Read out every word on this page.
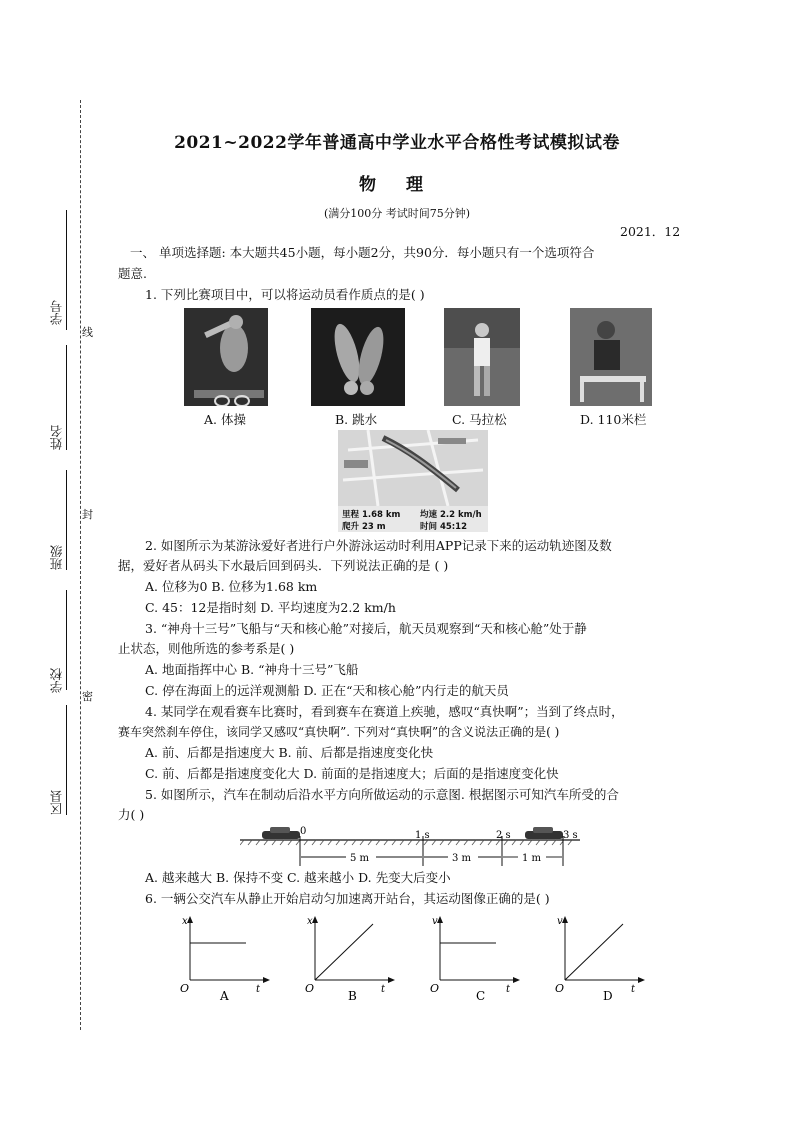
学号
姓名
班级
学校
区县
线
封
密
2021~2022学年普通高中学业水平合格性考试模拟试卷
物 理
(满分100分 考试时间75分钟)
2021．12
一、 单项选择题: 本大题共45小题，每小题2分，共90分．每小题只有一个选项符合
题意.
1. 下列比赛项目中，可以将运动员看作质点的是( )
A. 体操	B. 跳水	C. 马拉松	D. 110米栏
里程 1.68 km 均速 2.2 km/h
爬升 23 m	时间 45:12
2. 如图所示为某游泳爱好者进行户外游泳运动时利用APP记录下来的运动轨迹图及数
据，爱好者从码头下水最后回到码头．下列说法正确的是 ( )
A. 位移为0 B. 位移为1.68 km
C. 45：12是指时刻 D. 平均速度为2.2 km/h
3. “神舟十三号”飞船与“天和核心舱”对接后，航天员观察到“天和核心舱”处于静
止状态，则他所选的参考系是( )
A. 地面指挥中心 B. “神舟十三号”飞船
C. 停在海面上的远洋观测船 D. 正在“天和核心舱”内行走的航天员
4. 某同学在观看赛车比赛时，看到赛车在赛道上疾驰，感叹“真快啊”；当到了终点时，
赛车突然刹车停住，该同学又感叹“真快啊”. 下列对“真快啊”的含义说法正确的是( )
A. 前、后都是指速度大 B. 前、后都是指速度变化快
C. 前、后都是指速度变化大 D. 前面的是指速度大；后面的是指速度变化快
5. 如图所示，汽车在制动后沿水平方向所做运动的示意图. 根据图示可知汽车所受的合
力( )
0	1 s	2 s	3 s
5 m	3 m	1 m
A. 越来越大 B. 保持不变 C. 越来越小 D. 先变大后变小
6. 一辆公交汽车从静止开始启动匀加速离开站台，其运动图像正确的是( )
x
t
O
A
x
t
O
B
v
t
O
C
v
t
O
D
